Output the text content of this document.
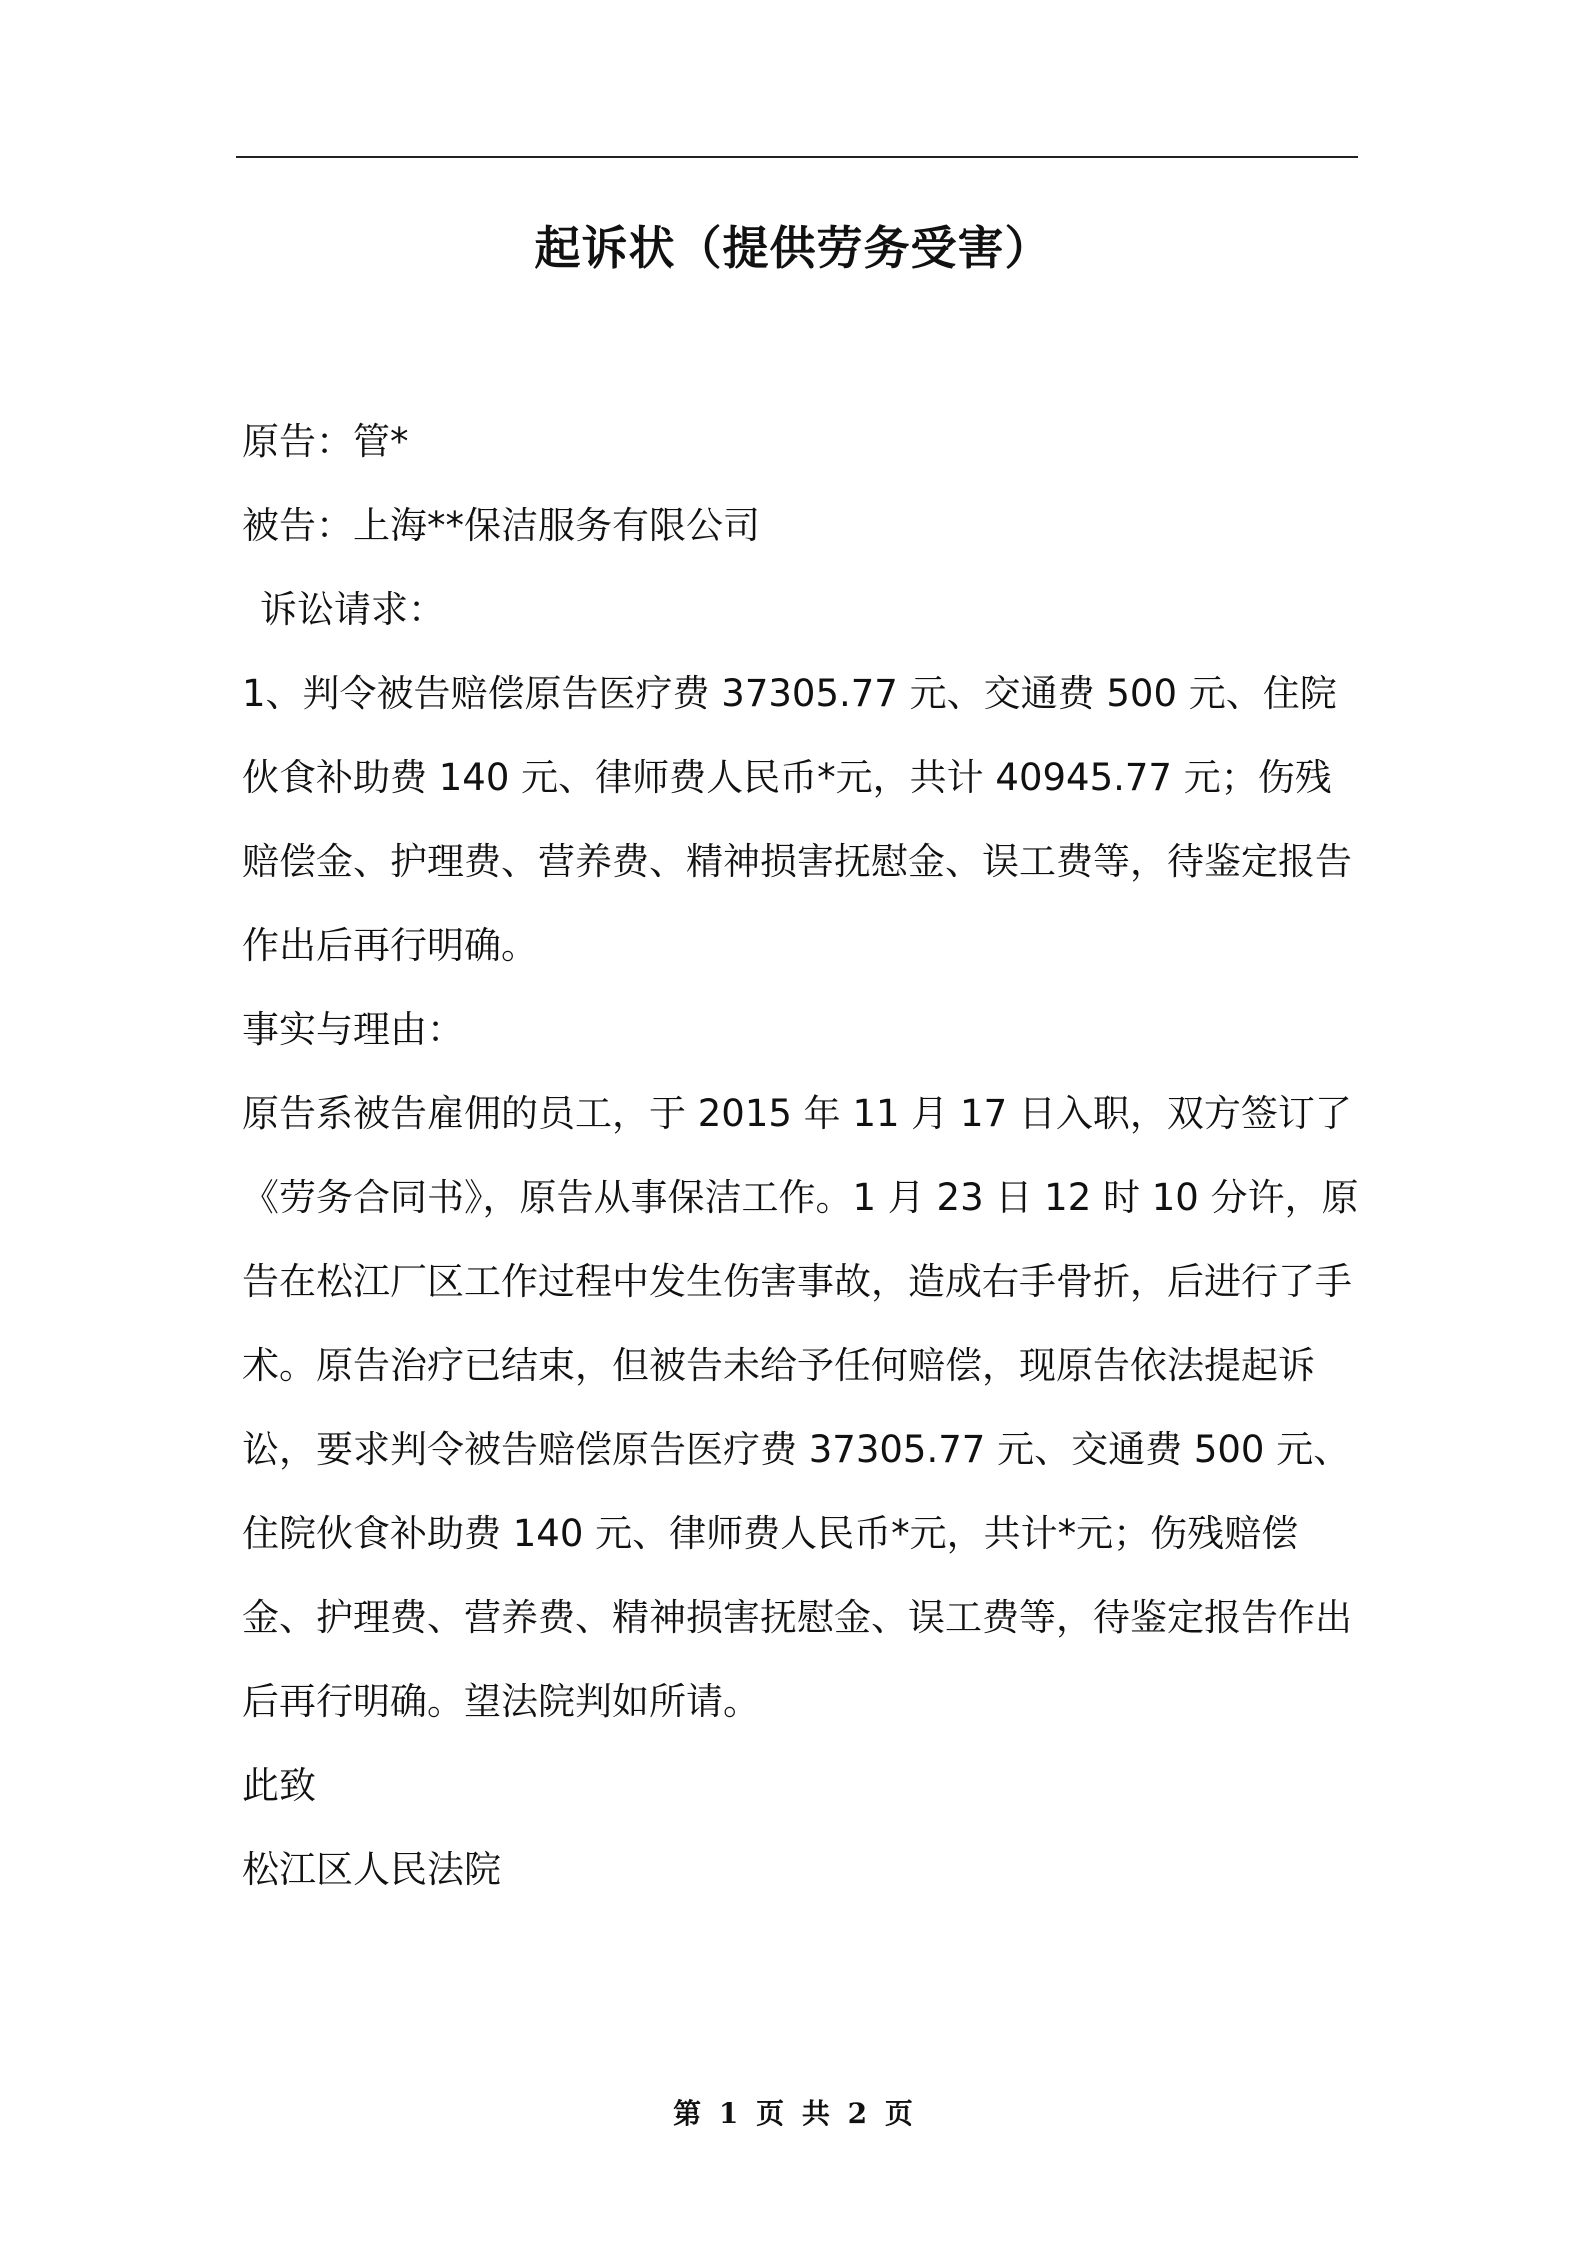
起诉状（提供劳务受害）

原告：管*

被告：上海**保洁服务有限公司

诉讼请求：

1、判令被告赔偿原告医疗费 37305.77 元、交通费 500 元、住院伙食补助费 140 元、律师费人民币*元，共计 40945.77 元；伤残赔偿金、护理费、营养费、精神损害抚慰金、误工费等，待鉴定报告作出后再行明确。

事实与理由：

原告系被告雇佣的员工，于 2015 年 11 月 17 日入职，双方签订了《劳务合同书》，原告从事保洁工作。1 月 23 日 12 时 10 分许，原告在松江厂区工作过程中发生伤害事故，造成右手骨折，后进行了手术。原告治疗已结束，但被告未给予任何赔偿，现原告依法提起诉讼，要求判令被告赔偿原告医疗费 37305.77 元、交通费 500 元、住院伙食补助费 140 元、律师费人民币*元，共计*元；伤残赔偿金、护理费、营养费、精神损害抚慰金、误工费等，待鉴定报告作出后再行明确。望法院判如所请。

此致

松江区人民法院

第 1 页 共 2 页
